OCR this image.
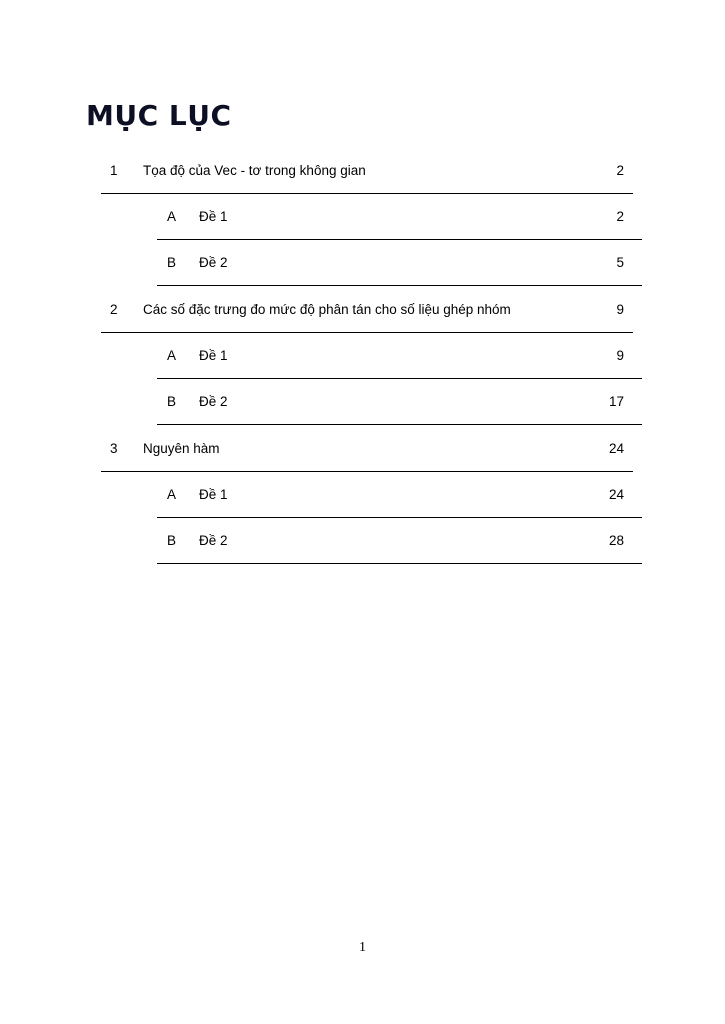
MỤC LỤC
1 Tọa độ của Vec - tơ trong không gian	2
A Đề 1	2
B Đề 2	5
2 Các số đặc trưng đo mức độ phân tán cho số liệu ghép nhóm	9
A Đề 1	9
B Đề 2	17
3 Nguyên hàm	24
A Đề 1	24
B Đề 2	28
1
